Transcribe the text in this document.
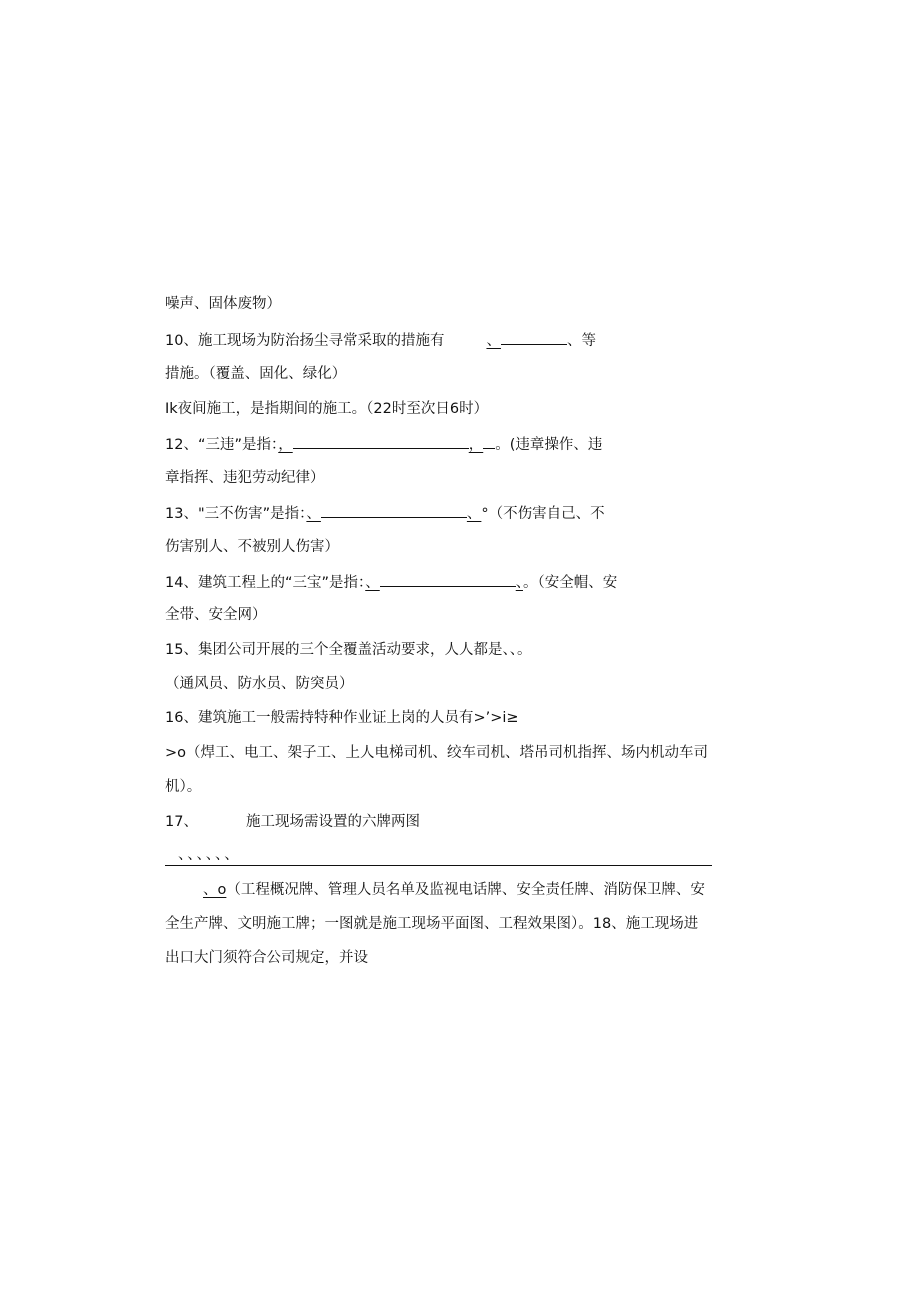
噪声、固体废物）
10、施工现场为防治扬尘寻常采取的措施有	、	、等
措施。（覆盖、固化、绿化）
Ik夜间施工，是指期间的施工。（22时至次日6时）
12、“三违”是指：，	， 。(违章操作、违
章指挥、违犯劳动纪律）
13、"三不伤害”是指：、	、°（不伤害自己、不
伤害别人、不被别人伤害）
14、建筑工程上的“三宝”是指：、	、。（安全帽、安
全带、安全网）
15、集团公司开展的三个全覆盖活动要求，人人都是、、。
（通风员、防水员、防突员）
16、建筑施工一般需持特种作业证上岗的人员有>’>i≥
>o（焊工、电工、架子工、上人电梯司机、绞车司机、塔吊司机指挥、场内机动车司
机）。
17、	施工现场需设置的六牌两图
、、、、、、
、o（工程概况牌、管理人员名单及监视电话牌、安全责任牌、消防保卫牌、安
全生产牌、文明施工牌；一图就是施工现场平面图、工程效果图）。18、施工现场进
出口大门须符合公司规定，并设
